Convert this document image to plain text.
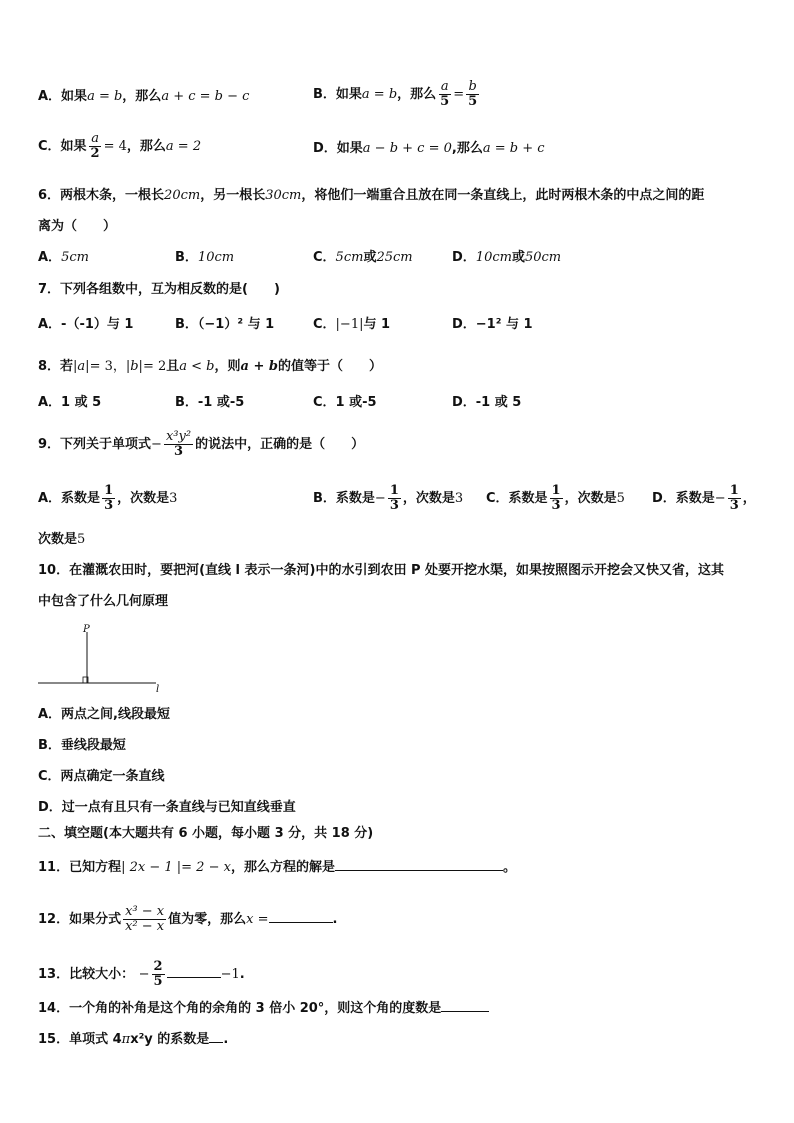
A．如果a = b，那么a + c = b − c	B．如果a = b，那么 $\frac{a}{5} = \frac{b}{5}$
C．如果 $\frac{a}{2} = 4$，那么a = 2	D．如果a − b + c = 0,那么a = b + c
6．两根木条，一根长20cm，另一根长30cm，将他们一端重合且放在同一条直线上，此时两根木条的中点之间的距
离为（　　）
A．5cm	B．10cm	C．5cm或25cm	D．10cm或50cm
7．下列各组数中，互为相反数的是(　　)
A．-（-1）与 1	B．（−1）² 与 1	C．|−1|与 1	D．−1² 与 1
8．若|a|= 3，|b|= 2且a < b，则a + b的值等于（　　）
A．1 或 5	B．-1 或-5	C．1 或-5	D．-1 或 5
9．下列关于单项式− $\frac{\text{x³y²}}{3}$ 的说法中，正确的是（　　）
A．系数是 $\frac{1}{3}$ ，次数是3	B．系数是− $\frac{1}{3}$ ，次数是3 C．系数是 $\frac{1}{3}$ ，次数是5 D．系数是− $\frac{1}{3}$ ，
次数是5
10．在灌溉农田时，要把河(直线 l 表示一条河)中的水引到农田 P 处要开挖水渠，如果按照图示开挖会又快又省，这其
中包含了什么几何原理
P
l
A．两点之间,线段最短
B．垂线段最短
C．两点确定一条直线
D．过一点有且只有一条直线与已知直线垂直
二、填空题(本大题共有 6 小题，每小题 3 分，共 18 分)
11．已知方程| 2x − 1 |= 2 − x，那么方程的解是	。
12．如果分式 $\frac{\text{x³ − x}}{\text{x² − x}}$ 值为零，那么x =	.
13．比较大小： − $\frac{2}{5}$	−1.
14．一个角的补角是这个角的余角的 3 倍小 20°，则这个角的度数是
15．单项式 4πx²y 的系数是 .
